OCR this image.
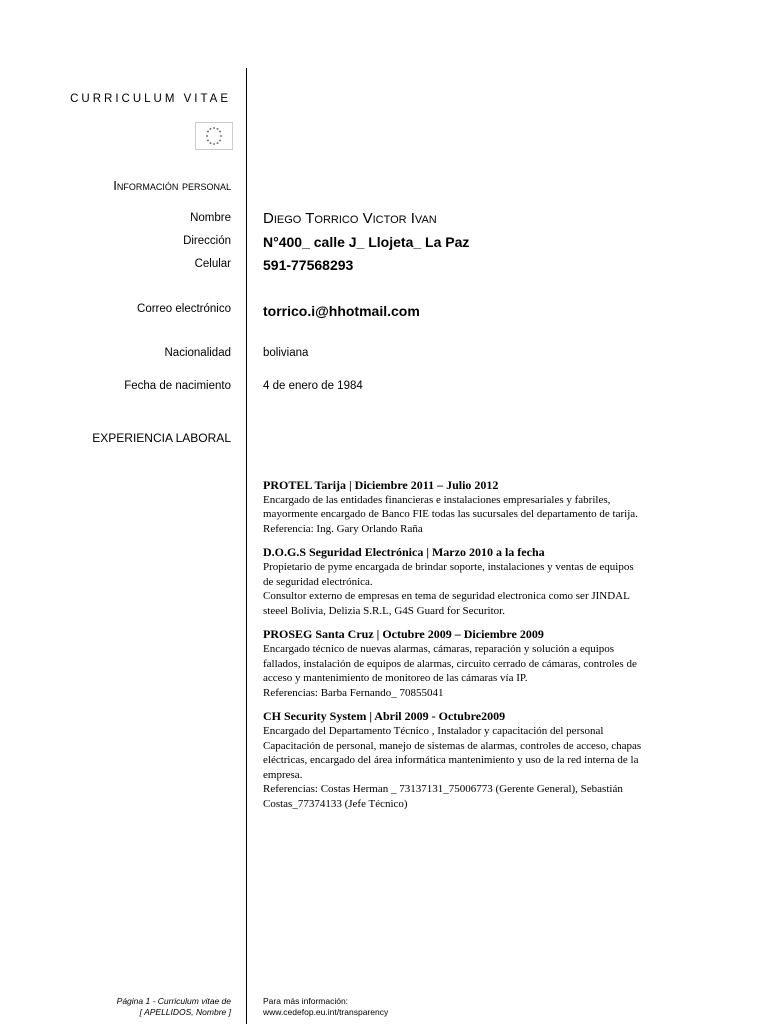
CURRICULUM VITAE
Información personal
Nombre Diego Torrico Victor Ivan
Dirección N°400_ calle J_ Llojeta_ La Paz
Celular 591-77568293
Correo electrónico torrico.i@hhotmail.com
Nacionalidad	boliviana
Fecha de nacimiento	4 de enero de 1984
EXPERIENCIA LABORAL
PROTEL Tarija | Diciembre 2011 – Julio 2012
Encargado de las entidades financieras e instalaciones empresariales y fabriles,
mayormente encargado de Banco FIE todas las sucursales del departamento de tarija.
Referencia: Ing. Gary Orlando Raña
D.O.G.S Seguridad Electrónica | Marzo 2010 a la fecha
Propietario de pyme encargada de brindar soporte, instalaciones y ventas de equipos
de seguridad electrónica.
Consultor externo de empresas en tema de seguridad electronica como ser JINDAL
steeel Bolivia, Delizia S.R.L, G4S Guard for Securitor.
PROSEG Santa Cruz | Octubre 2009 – Diciembre 2009
Encargado técnico de nuevas alarmas, cámaras, reparación y solución a equipos
fallados, instalación de equipos de alarmas, circuito cerrado de cámaras, controles de
acceso y mantenimiento de monitoreo de las cámaras vía IP.
Referencias: Barba Fernando_ 70855041
CH Security System | Abril 2009 - Octubre2009
Encargado del Departamento Técnico , Instalador y capacitación del personal
Capacitación de personal, manejo de sistemas de alarmas, controles de acceso, chapas
eléctricas, encargado del área informática mantenimiento y uso de la red interna de la
empresa.
Referencias: Costas Herman _ 73137131_75006773 (Gerente General), Sebastián
Costas_77374133 (Jefe Técnico)
Página 1 - Curriculum vitae de
[ APELLIDOS, Nombre ]
Para más información:
www.cedefop.eu.int/transparency
